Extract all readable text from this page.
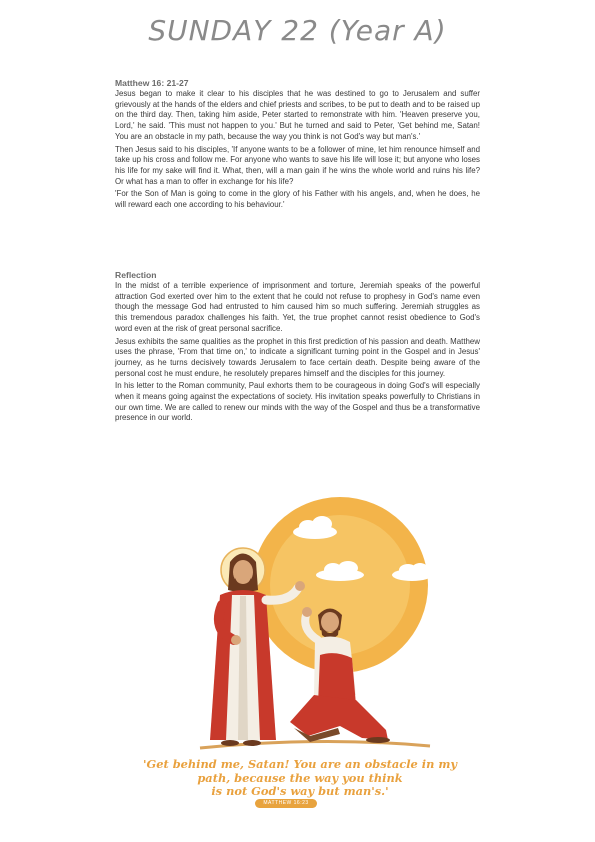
SUNDAY 22 (Year A)
Matthew 16: 21-27

Jesus began to make it clear to his disciples that he was destined to go to Jerusalem and suffer grievously at the hands of the elders and chief priests and scribes, to be put to death and to be raised up on the third day. Then, taking him aside, Peter started to remonstrate with him. 'Heaven preserve you, Lord,' he said. 'This must not happen to you.' But he turned and said to Peter, 'Get behind me, Satan! You are an obstacle in my path, because the way you think is not God's way but man's.'

Then Jesus said to his disciples, 'If anyone wants to be a follower of mine, let him renounce himself and take up his cross and follow me. For anyone who wants to save his life will lose it; but anyone who loses his life for my sake will find it. What, then, will a man gain if he wins the whole world and ruins his life? Or what has a man to offer in exchange for his life?

'For the Son of Man is going to come in the glory of his Father with his angels, and, when he does, he will reward each one according to his behaviour.'

Reflection

In the midst of a terrible experience of imprisonment and torture, Jeremiah speaks of the powerful attraction God exerted over him to the extent that he could not refuse to prophesy in God's name even though the message God had entrusted to him caused him so much suffering. Jeremiah struggles as this tremendous paradox challenges his faith. Yet, the true prophet cannot resist obedience to God's word even at the risk of great personal sacrifice.

Jesus exhibits the same qualities as the prophet in this first prediction of his passion and death. Matthew uses the phrase, 'From that time on,' to indicate a significant turning point in the Gospel and in Jesus' journey, as he turns decisively towards Jerusalem to face certain death. Despite being aware of the personal cost he must endure, he resolutely prepares himself and the disciples for this journey.

In his letter to the Roman community, Paul exhorts them to be courageous in doing God's will especially when it means going against the expectations of society. His invitation speaks powerfully to Christians in our own time. We are called to renew our minds with the way of the Gospel and thus be a transformative presence in our world.

'Get behind me, Satan! You are an obstacle in my
path, because the way you think
is not God's way but man's.'
MATTHEW 16:23
